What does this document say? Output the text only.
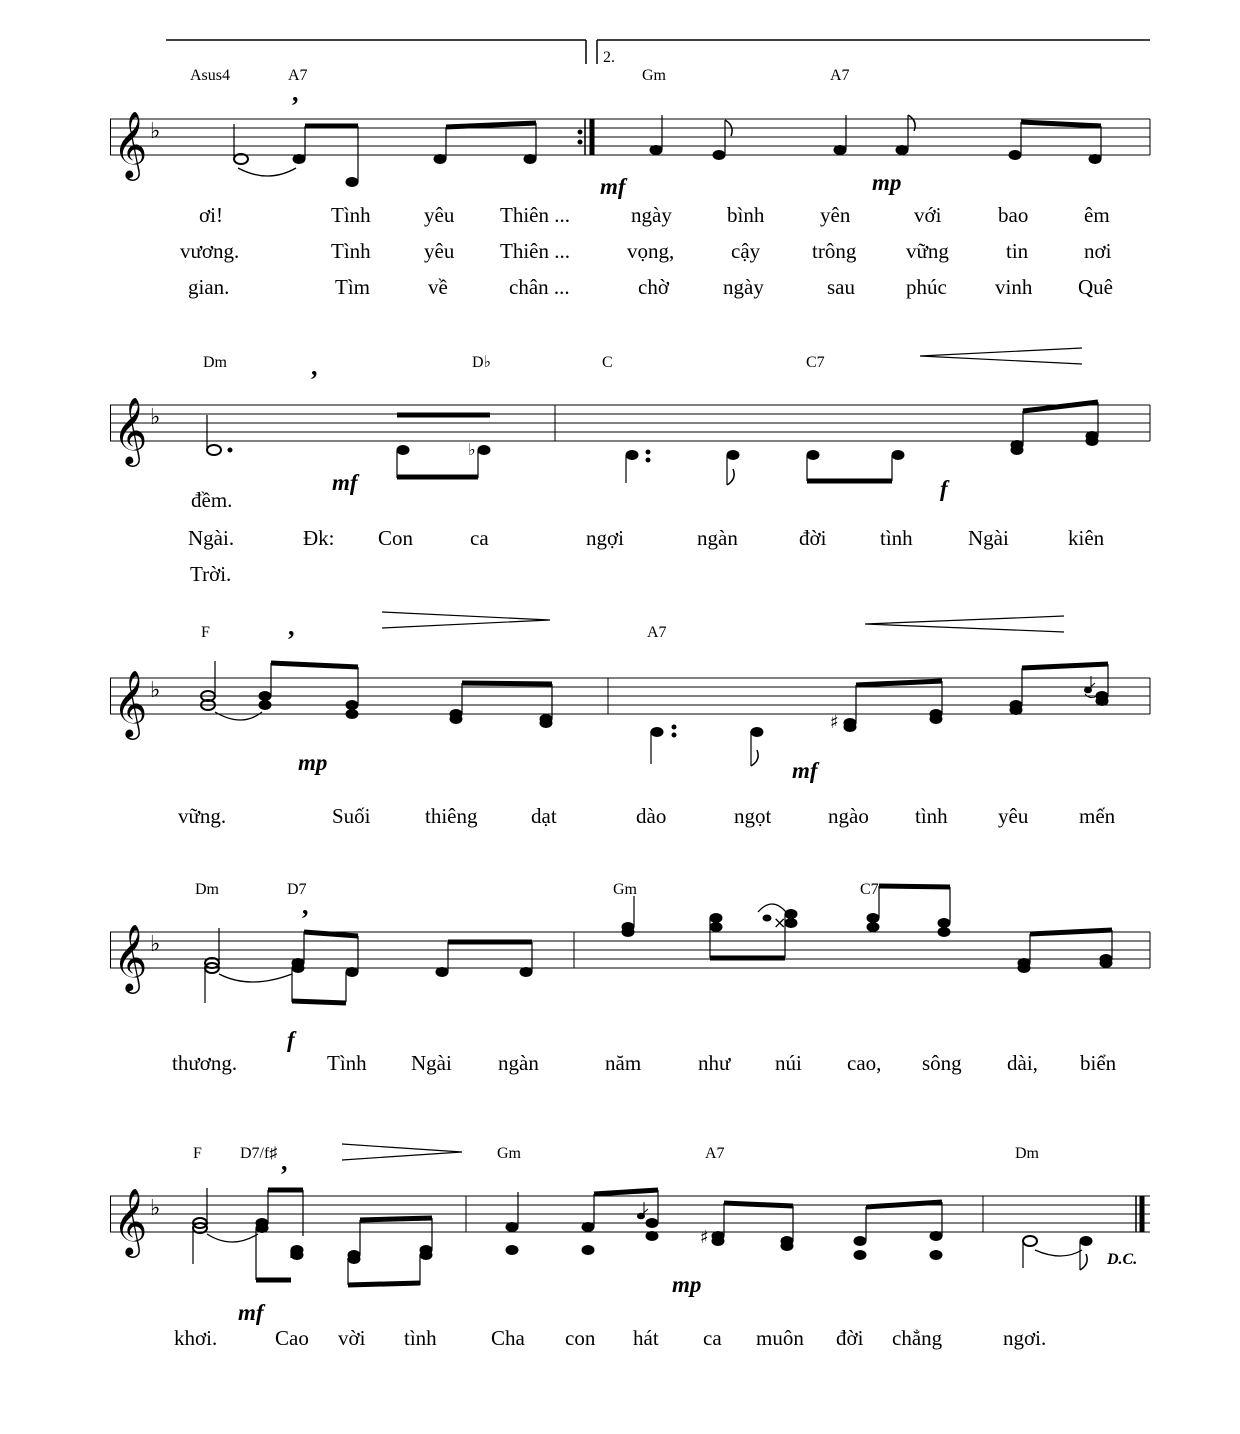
2.
𝄞 ♭
Asus4	A7	Gm	A7
,
mf	mp
ơi!	Tình	yêu Thiên ...	ngày	bình	yên	với	bao	êm
vương.	Tình	yêu Thiên ...	vọng,	cậy trông vững	tin	nơi
gian.	Tìm	về	chân ...	chờ	ngày	sau phúc vinh Quê
𝄞 ♭
Dm	D♭	C	C7
,
♭
mf	f
đềm.
Ngài.	Đk: Con	ca	ngợi	ngàn	đời	tình	Ngài	kiên
Trời.
𝄞 ♭
F	A7
,
♯
mp	mf
vững.	Suối	thiêng	dạt	dào	ngọt	ngào tình yêu mến
𝄞 ♭
Dm	D7	Gm	C7
,
×
f
thương.	Tình Ngài ngàn	năm	như núi cao, sông dài, biển
𝄞 ♭
F D7/f♯	Gm	A7	Dm
,
♯
mf
mp
D.C.
khơi.	Cao vời tình	Cha con hát ca muôn đời chẳng	ngơi.
